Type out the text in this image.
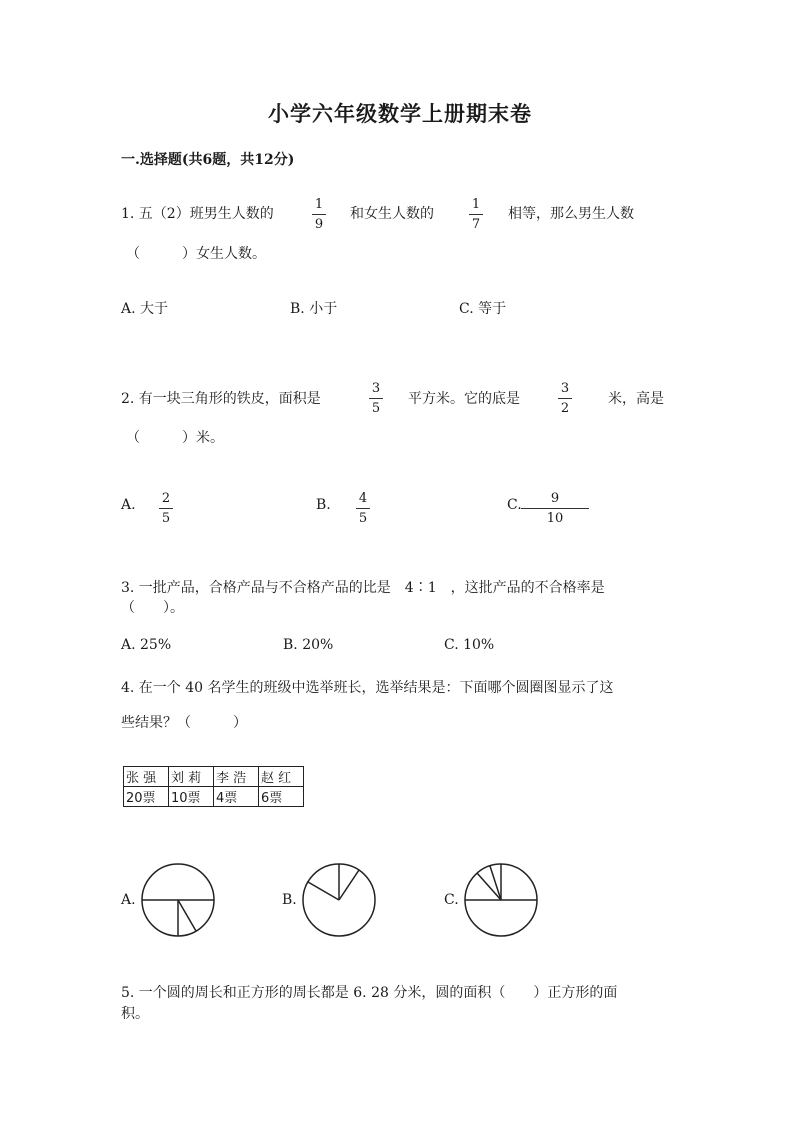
小学六年级数学上册期末卷
一.选择题(共6题，共12分)
1. 五（2）班男生人数的
1
9
和女生人数的
1
7
相等，那么男生人数
（　　　）女生人数。
A. 大于	B. 小于	C. 等于
2. 有一块三角形的铁皮，面积是
3
5
平方米。它的底是
3
2
米，高是
（　　　）米。
A. 2
5
B. 4
5
C. 9
10
3. 一批产品，合格产品与不合格产品的比是　4∶1　，这批产品的不合格率是
（　　）。
A. 25%	B. 20%	C. 10%
4. 在一个 40 名学生的班级中选举班长，选举结果是：下面哪个圆圈图显示了这
些结果？（　　　）
张 强	刘 莉	李 浩	赵 红
20票	10票	4票	6票
A.	B.	C.
5. 一个圆的周长和正方形的周长都是 6. 28 分米，圆的面积（　　）正方形的面
积。
